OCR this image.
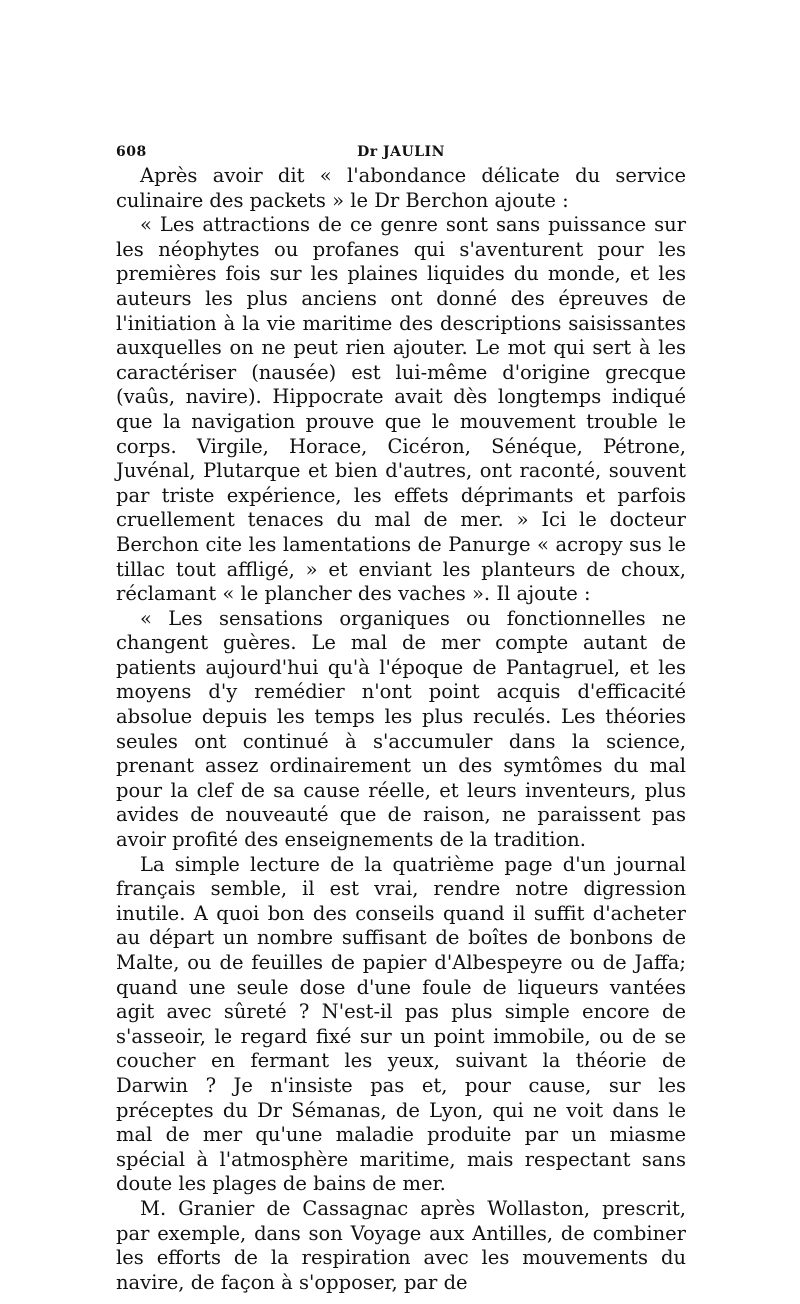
608	Dr JAULIN

Après avoir dit « l'abondance délicate du service culinaire des packets » le Dr Berchon ajoute :

« Les attractions de ce genre sont sans puissance sur les néophytes ou profanes qui s'aventurent pour les premières fois sur les plaines liquides du monde, et les auteurs les plus anciens ont donné des épreuves de l'initiation à la vie maritime des descriptions saisissantes auxquelles on ne peut rien ajouter. Le mot qui sert à les caractériser (nausée) est lui-même d'origine grecque (vaûs, navire). Hippocrate avait dès longtemps indiqué que la navigation prouve que le mouvement trouble le corps. Virgile, Horace, Cicéron, Sénéque, Pétrone, Juvénal, Plutarque et bien d'autres, ont raconté, souvent par triste expérience, les effets déprimants et parfois cruellement tenaces du mal de mer. » Ici le docteur Berchon cite les lamentations de Panurge « acropy sus le tillac tout affligé, » et enviant les planteurs de choux, réclamant « le plancher des vaches ». Il ajoute :

« Les sensations organiques ou fonctionnelles ne changent guères. Le mal de mer compte autant de patients aujourd'hui qu'à l'époque de Pantagruel, et les moyens d'y remédier n'ont point acquis d'efficacité absolue depuis les temps les plus reculés. Les théories seules ont continué à s'accumuler dans la science, prenant assez ordinairement un des symtômes du mal pour la clef de sa cause réelle, et leurs inventeurs, plus avides de nouveauté que de raison, ne paraissent pas avoir profité des enseignements de la tradition.

La simple lecture de la quatrième page d'un journal français semble, il est vrai, rendre notre digression inutile. A quoi bon des conseils quand il suffit d'acheter au départ un nombre suffisant de boîtes de bonbons de Malte, ou de feuilles de papier d'Albespeyre ou de Jaffa; quand une seule dose d'une foule de liqueurs vantées agit avec sûreté ? N'est-il pas plus simple encore de s'asseoir, le regard fixé sur un point immobile, ou de se coucher en fermant les yeux, suivant la théorie de Darwin ? Je n'insiste pas et, pour cause, sur les préceptes du Dr Sémanas, de Lyon, qui ne voit dans le mal de mer qu'une maladie produite par un miasme spécial à l'atmosphère maritime, mais respectant sans doute les plages de bains de mer.

M. Granier de Cassagnac après Wollaston, prescrit, par exemple, dans son Voyage aux Antilles, de combiner les efforts de la respiration avec les mouvements du navire, de façon à s'opposer, par de
